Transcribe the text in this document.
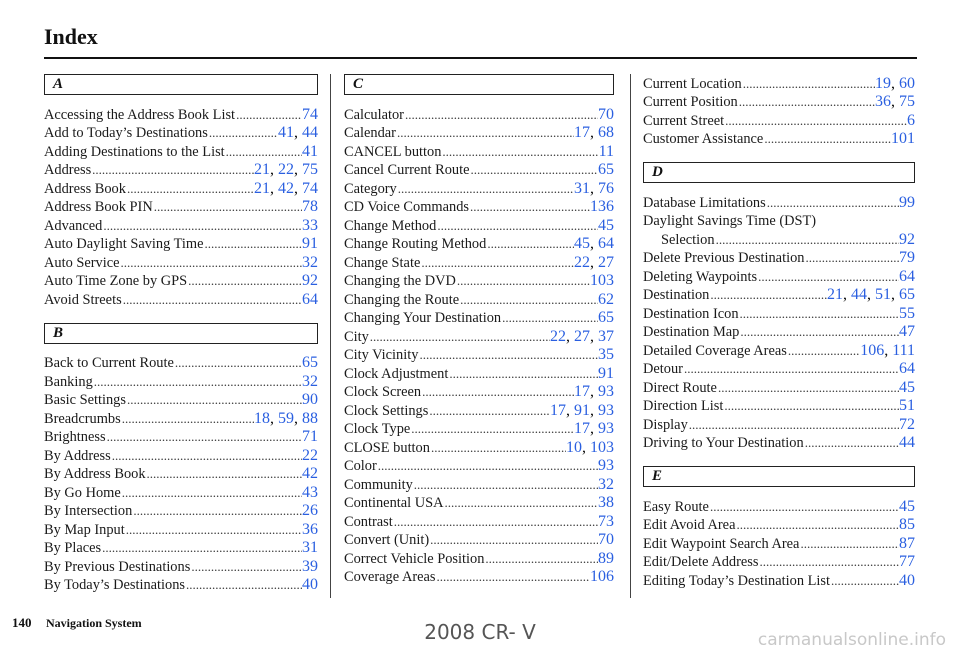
Index
A
Accessing the Address Book List .....	74
Add to Today’s Destinations .....	41, 44
Adding Destinations to the List .....	41
Address .....	21, 22, 75
Address Book .....	21, 42, 74
Address Book PIN .....	78
Advanced .....	33
Auto Daylight Saving Time .....	91
Auto Service .....	32
Auto Time Zone by GPS .....	92
Avoid Streets .....	64
B
Back to Current Route .....	65
Banking .....	32
Basic Settings .....	90
Breadcrumbs .....	18, 59, 88
Brightness .....	71
By Address .....	22
By Address Book .....	42
By Go Home .....	43
By Intersection .....	26
By Map Input .....	36
By Places .....	31
By Previous Destinations .....	39
By Today’s Destinations .....	40
C
Calculator .....	70
Calendar .....	17, 68
CANCEL button .....	11
Cancel Current Route .....	65
Category .....	31, 76
CD Voice Commands .....	136
Change Method .....	45
Change Routing Method .....	45, 64
Change State .....	22, 27
Changing the DVD .....	103
Changing the Route .....	62
Changing Your Destination .....	65
City .....	22, 27, 37
City Vicinity .....	35
Clock Adjustment .....	91
Clock Screen .....	17, 93
Clock Settings .....	17, 91, 93
Clock Type .....	17, 93
CLOSE button .....	10, 103
Color .....	93
Community .....	32
Continental USA .....	38
Contrast .....	73
Convert (Unit) .....	70
Correct Vehicle Position .....	89
Coverage Areas .....	106
Current Location .....	19, 60
Current Position .....	36, 75
Current Street .....	6
Customer Assistance .....	101
D
Database Limitations .....	99
Daylight Savings Time (DST)
Selection .....	92
Delete Previous Destination .....	79
Deleting Waypoints .....	64
Destination .....	21, 44, 51, 65
Destination Icon .....	55
Destination Map .....	47
Detailed Coverage Areas .....	106, 111
Detour .....	64
Direct Route .....	45
Direction List .....	51
Display .....	72
Driving to Your Destination .....	44
E
Easy Route .....	45
Edit Avoid Area .....	85
Edit Waypoint Search Area .....	87
Edit/Delete Address .....	77
Editing Today’s Destination List .....	40
140 Navigation System	2008 CR- V	carmanualsonline.info
